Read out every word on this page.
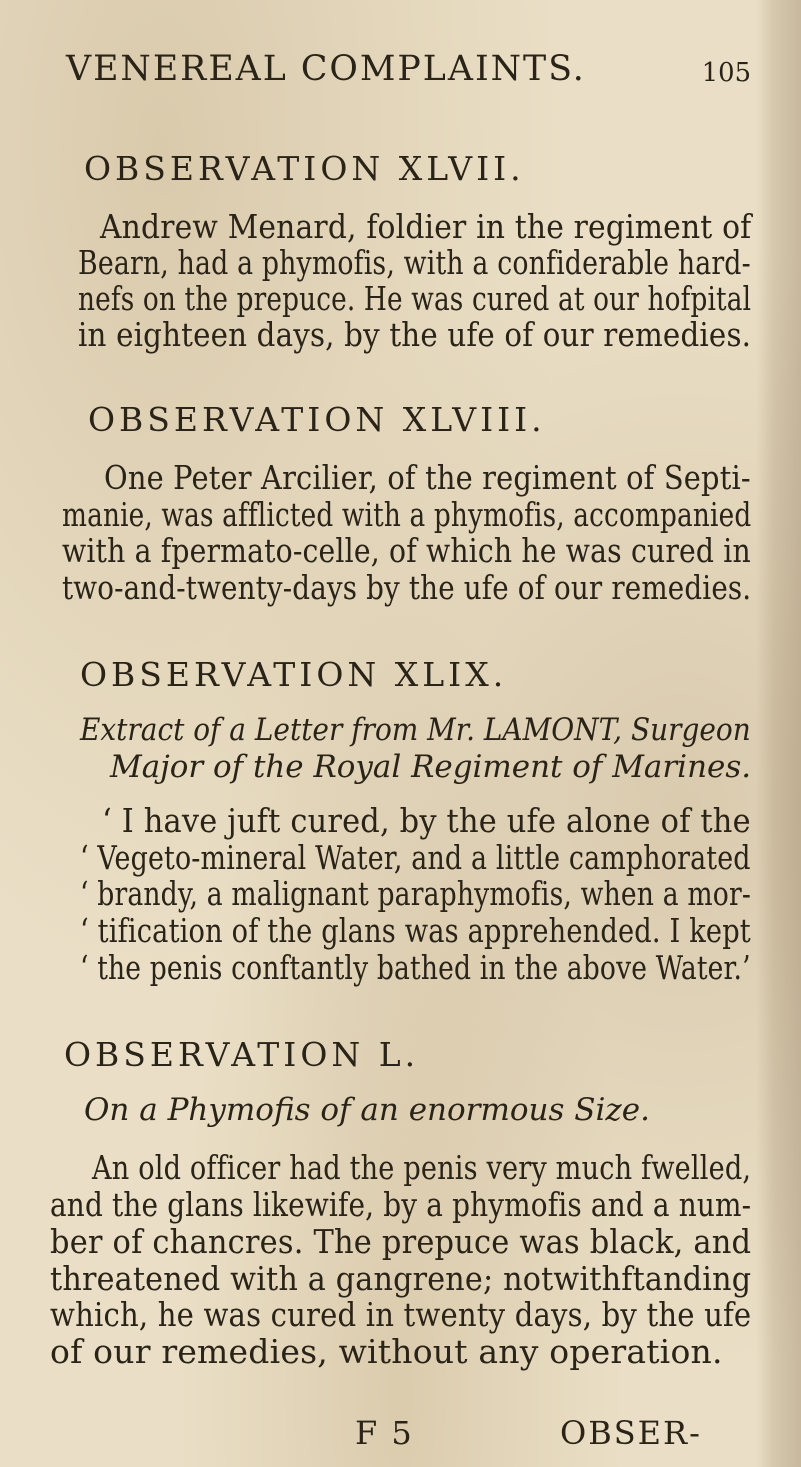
VENEREAL COMPLAINTS.	105
OBSERVATION XLVII.
Andrew Menard, foldier in the regiment of
Bearn, had a phymofis, with a confiderable hard-
nefs on the prepuce. He was cured at our hofpital
in eighteen days, by the ufe of our remedies.
OBSERVATION XLVIII.
One Peter Arcilier, of the regiment of Septi-
manie, was afflicted with a phymofis, accompanied
with a fpermato-celle, of which he was cured in
two-and-twenty-days by the ufe of our remedies.
OBSERVATION XLIX.
Extract of a Letter from Mr. LAMONT, Surgeon
Major of the Royal Regiment of Marines.
‘ I have juft cured, by the ufe alone of the
‘ Vegeto-mineral Water, and a little camphorated
‘ brandy, a malignant paraphymofis, when a mor-
‘ tification of the glans was apprehended. I kept
‘ the penis conftantly bathed in the above Water.’
OBSERVATION L.
On a Phymofis of an enormous Size.
An old officer had the penis very much fwelled,
and the glans likewife, by a phymofis and a num-
ber of chancres. The prepuce was black, and
threatened with a gangrene; notwithftanding
which, he was cured in twenty days, by the ufe
of our remedies, without any operation.
F 5	OBSER-
